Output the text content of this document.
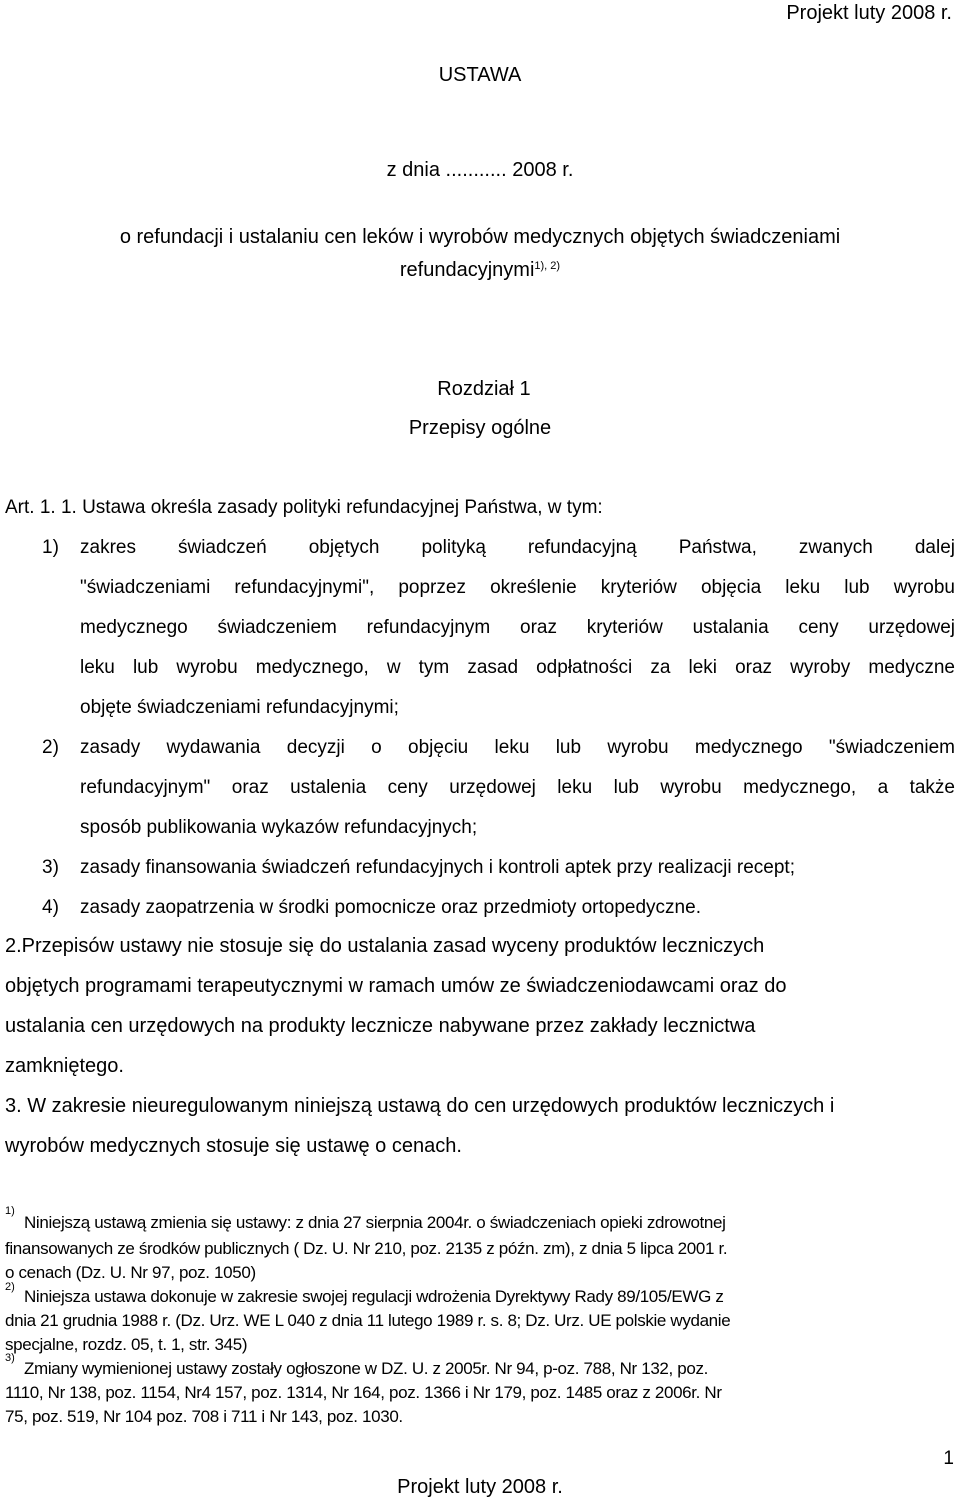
Projekt luty 2008 r.
USTAWA
z dnia ........... 2008 r.
o refundacji i ustalaniu cen leków i wyrobów medycznych objętych świadczeniami
refundacyjnymi$^{1), 2)}$
Rozdział 1
Przepisy ogólne
Art. 1. 1. Ustawa określa zasady polityki refundacyjnej Państwa, w tym:
1) zakres świadczeń objętych polityką refundacyjną Państwa, zwanych dalej
"świadczeniami refundacyjnymi", poprzez określenie kryteriów objęcia leku lub wyrobu
medycznego świadczeniem refundacyjnym oraz kryteriów ustalania ceny urzędowej
leku lub wyrobu medycznego, w tym zasad odpłatności za leki oraz wyroby medyczne
objęte świadczeniami refundacyjnymi;
2) zasady wydawania decyzji o objęciu leku lub wyrobu medycznego "świadczeniem
refundacyjnym" oraz ustalenia ceny urzędowej leku lub wyrobu medycznego, a także
sposób publikowania wykazów refundacyjnych;
3) zasady finansowania świadczeń refundacyjnych i kontroli aptek przy realizacji recept;
4) zasady zaopatrzenia w środki pomocnicze oraz przedmioty ortopedyczne.
2.Przepisów ustawy nie stosuje się do ustalania zasad wyceny produktów leczniczych
objętych programami terapeutycznymi w ramach umów ze świadczeniodawcami oraz do
ustalania cen urzędowych na produkty lecznicze nabywane przez zakłady lecznictwa
zamkniętego.
3. W zakresie nieuregulowanym niniejszą ustawą do cen urzędowych produktów leczniczych i
wyrobów medycznych stosuje się ustawę o cenach.
1)
Niniejszą ustawą zmienia się ustawy: z dnia 27 sierpnia 2004r. o świadczeniach opieki zdrowotnej
finansowanych ze środków publicznych ( Dz. U. Nr 210, poz. 2135 z późn. zm), z dnia 5 lipca 2001 r.
o cenach (Dz. U. Nr 97, poz. 1050)
2) Niniejsza ustawa dokonuje w zakresie swojej regulacji wdrożenia Dyrektywy Rady 89/105/EWG z
dnia 21 grudnia 1988 r. (Dz. Urz. WE L 040 z dnia 11 lutego 1989 r. s. 8; Dz. Urz. UE polskie wydanie
specjalne, rozdz. 05, t. 1, str. 345)
3)
Zmiany wymienionej ustawy zostały ogłoszone w DZ. U. z 2005r. Nr 94, p-oz. 788, Nr 132, poz.
1110, Nr 138, poz. 1154, Nr4 157, poz. 1314, Nr 164, poz. 1366 i Nr 179, poz. 1485 oraz z 2006r. Nr
75, poz. 519, Nr 104 poz. 708 i 711 i Nr 143, poz. 1030.
1
Projekt luty 2008 r.
